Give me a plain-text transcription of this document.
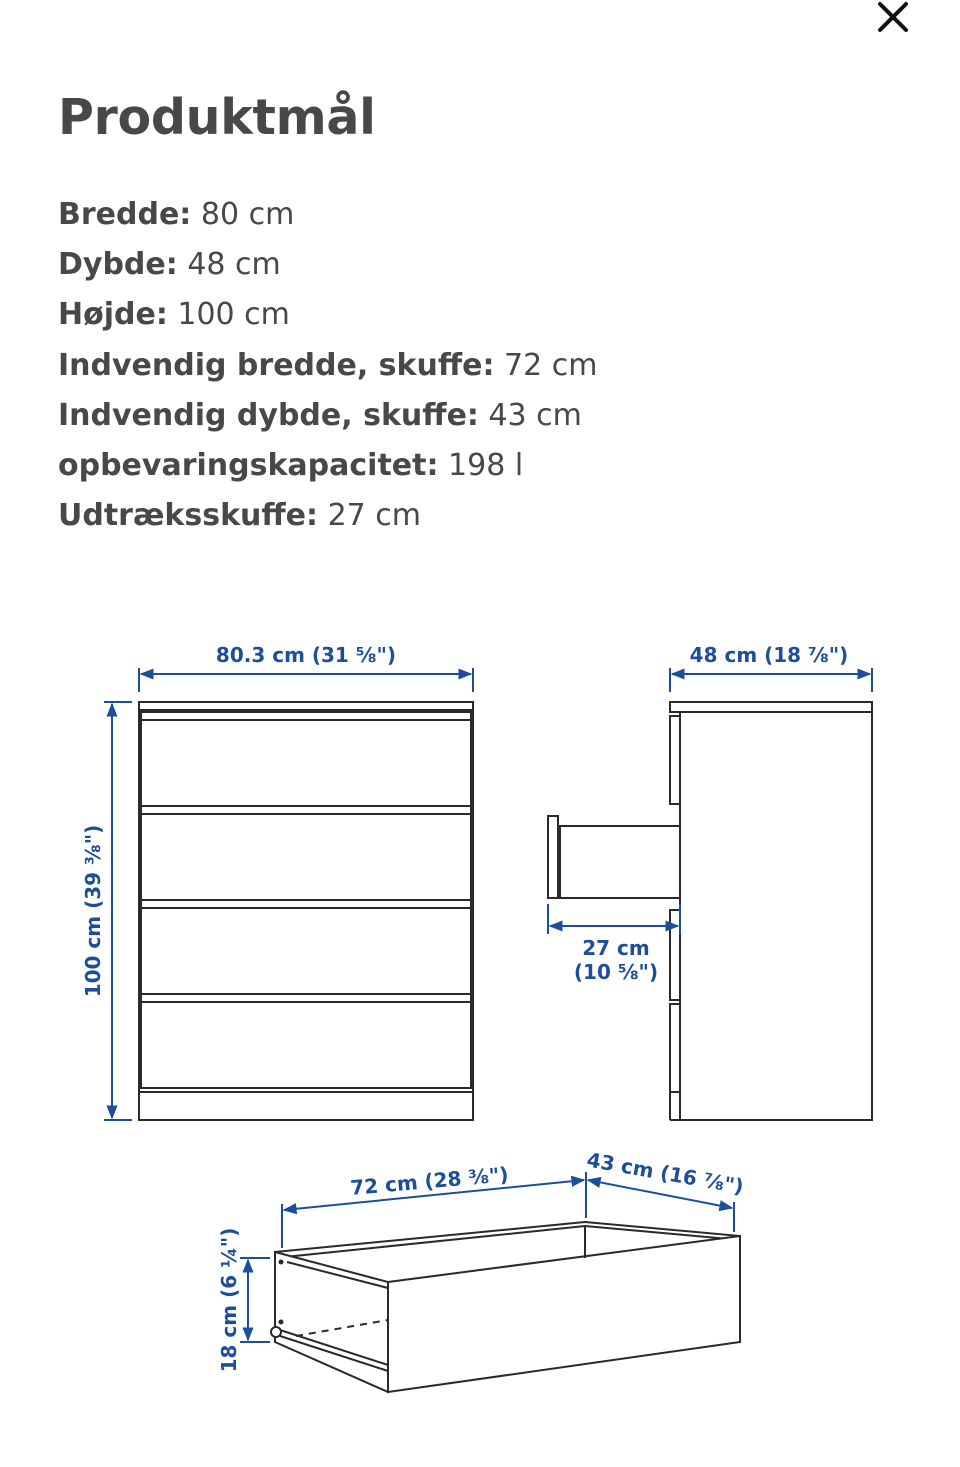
Produktmål
Bredde: 80 cm
Dybde: 48 cm
Højde: 100 cm
Indvendig bredde, skuffe: 72 cm
Indvendig dybde, skuffe: 43 cm
opbevaringskapacitet: 198 l
Udtræksskuffe: 27 cm
80.3 cm (31 ⅝")
100 cm (39 ⅜")
48 cm (18 ⅞")
27 cm
(10 ⅝")
72 cm (28 ⅜")	43 cm (16 ⅞")
18 cm (6 ¼")
